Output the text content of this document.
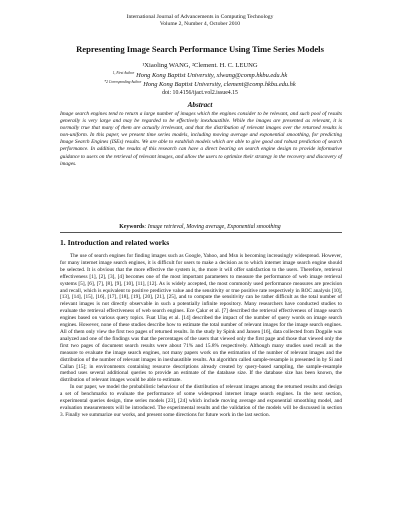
International Journal of Advancements in Computing Technology
Volume 2, Number 4, October 2010
Representing Image Search Performance Using Time Series Models
¹Xiaoling WANG, ²Clement. H. C. LEUNG
$^{1, First Author}$ Hong Kong Baptist University, xlwang@comp.hkbu.edu.hk
$^{*2 Corresponding Author}$ Hong Kong Baptist University, clement@comp.hkbu.edu.hk
doi: 10.4156/ijact.vol2.issue4.15
Abstract
Image search engines tend to return a large number of images which the engines consider to be relevant, and such pool of results generally is very large and may be regarded to be effectively inexhaustible. While the images are presented as relevant, it is normally true that many of them are actually irrelevant, and that the distribution of relevant images over the returned results is non-uniform. In this paper, we present time series models, including moving average and exponential smoothing, for predicting Image Search Engines (ISEs) results. We are able to establish models which are able to give good and robust prediction of search performance. In addition, the results of this research can have a direct bearing on search engine design to provide informative guidance to users on the retrieval of relevant images, and allow the users to optimize their strategy in the recovery and discovery of images.
Keywords: Image retrieval, Moving average, Exponential smoothing
1. Introduction and related works

The use of search engines for finding images such as Google, Yahoo, and Msn is becoming increasingly widespread. However, for many internet image search engines, it is difficult for users to make a decision as to which internet image search engine should be selected. It is obvious that the more effective the system is, the more it will offer satisfaction to the users. Therefore, retrieval effectiveness [1], [2], [3], [4] becomes one of the most important parameters to measure the performance of web image retrieval systems [5], [6], [7], [8], [9], [10], [11], [12]. As is widely accepted, the most commonly used performance measures are precision and recall, which is equivalent to positive predictive value and the sensitivity or true positive rate respectively in ROC analysis [10], [13], [14], [15], [16], [17], [18], [19], [20], [21], [25], and to compute the sensitivity can be rather difficult as the total number of relevant images is not directly observable in such a potentially infinite repository. Many researchers have conducted studies to evaluate the retrieval effectiveness of web search engines. Ece Çakır et al. [7] described the retrieval effectiveness of image search engines based on various query topics. Fuat Ulaş et al. [14] described the impact of the number of query words on image search engines. However, none of these studies describe how to estimate the total number of relevant images for the image search engines. All of them only view the first two pages of returned results. In the study by Spink and Jansen [16], data collected from Dogpile was analyzed and one of the findings was that the percentages of the users that viewed only the first page and those that viewed only the first two pages of document search results were about 71% and 15.8% respectively. Although many studies used recall as the measure to evaluate the image search engines, not many papers work on the estimation of the number of relevant images and the distribution of the number of relevant images in inexhaustible results. An algorithm called sample-resample is presented in by Si and Callan [15]; in environments containing resource descriptions already created by query-based sampling, the sample-resample method uses several additional queries to provide an estimate of the database size. If the database size has been known, the distribution of relevant images would be able to estimate.

In our paper, we model the probabilistic behaviour of the distribution of relevant images among the returned results and design a set of benchmarks to evaluate the performance of some widespread internet image search engines. In the next section, experimental queries design, time series models [23], [24] which include moving average and exponential smoothing model, and evaluation measurements will be introduced. The experimental results and the validation of the models will be discussed in section 3. Finally we summarize our works, and present some directions for future work in the last section.
